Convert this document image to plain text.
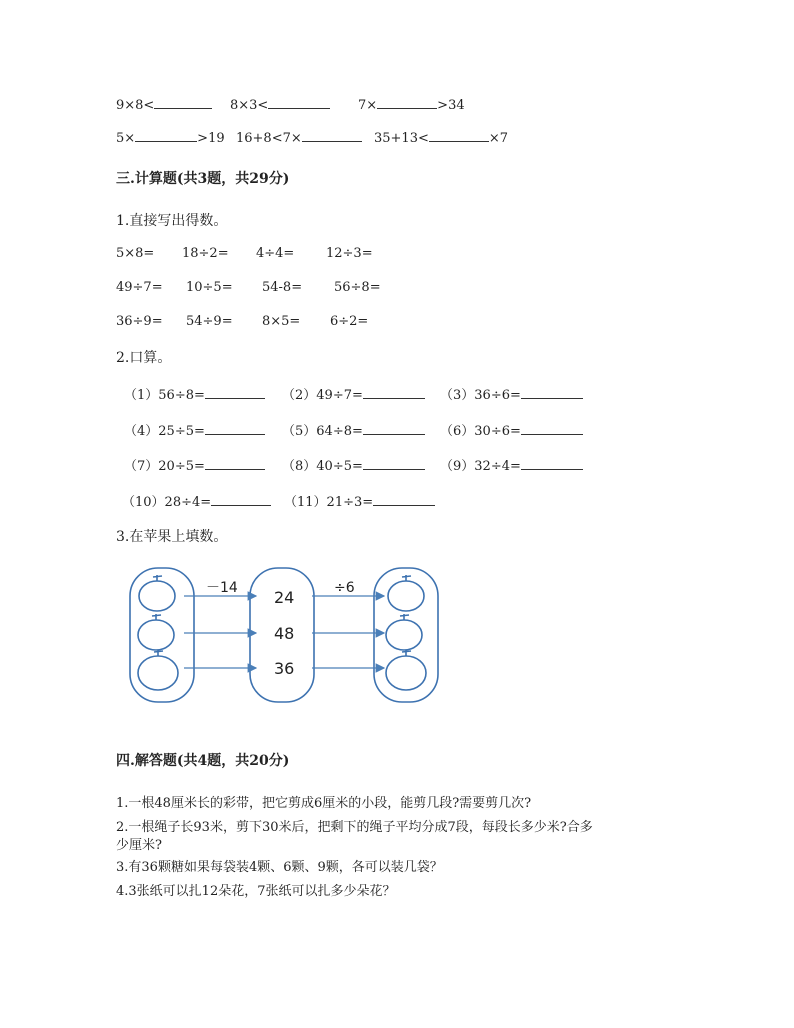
9×8<	8×3<	7×	>34
5×	>19 16+8<7×	35+13<	×7
三.计算题(共3题，共29分)
1.直接写出得数。
5×8= 18÷2= 4÷4= 12÷3=
49÷7= 10÷5= 54-8= 56÷8=
36÷9= 54÷9= 8×5= 6÷2=
2.口算。
（1）56÷8=	（2）49÷7=	（3）36÷6=
（4）25÷5=	（5）64÷8=	（6）30÷6=
（7）20÷5=	（8）40÷5=	（9）32÷4=
（10）28÷4=	（11）21÷3=
3.在苹果上填数。
－14	÷6
24
48
36
四.解答题(共4题，共20分)
1.一根48厘米长的彩带，把它剪成6厘米的小段，能剪几段?需要剪几次?
2.一根绳子长93米，剪下30米后，把剩下的绳子平均分成7段，每段长多少米?合多
少厘米?
3.有36颗糖如果每袋装4颗、6颗、9颗，各可以装几袋？
4.3张纸可以扎12朵花，7张纸可以扎多少朵花？
